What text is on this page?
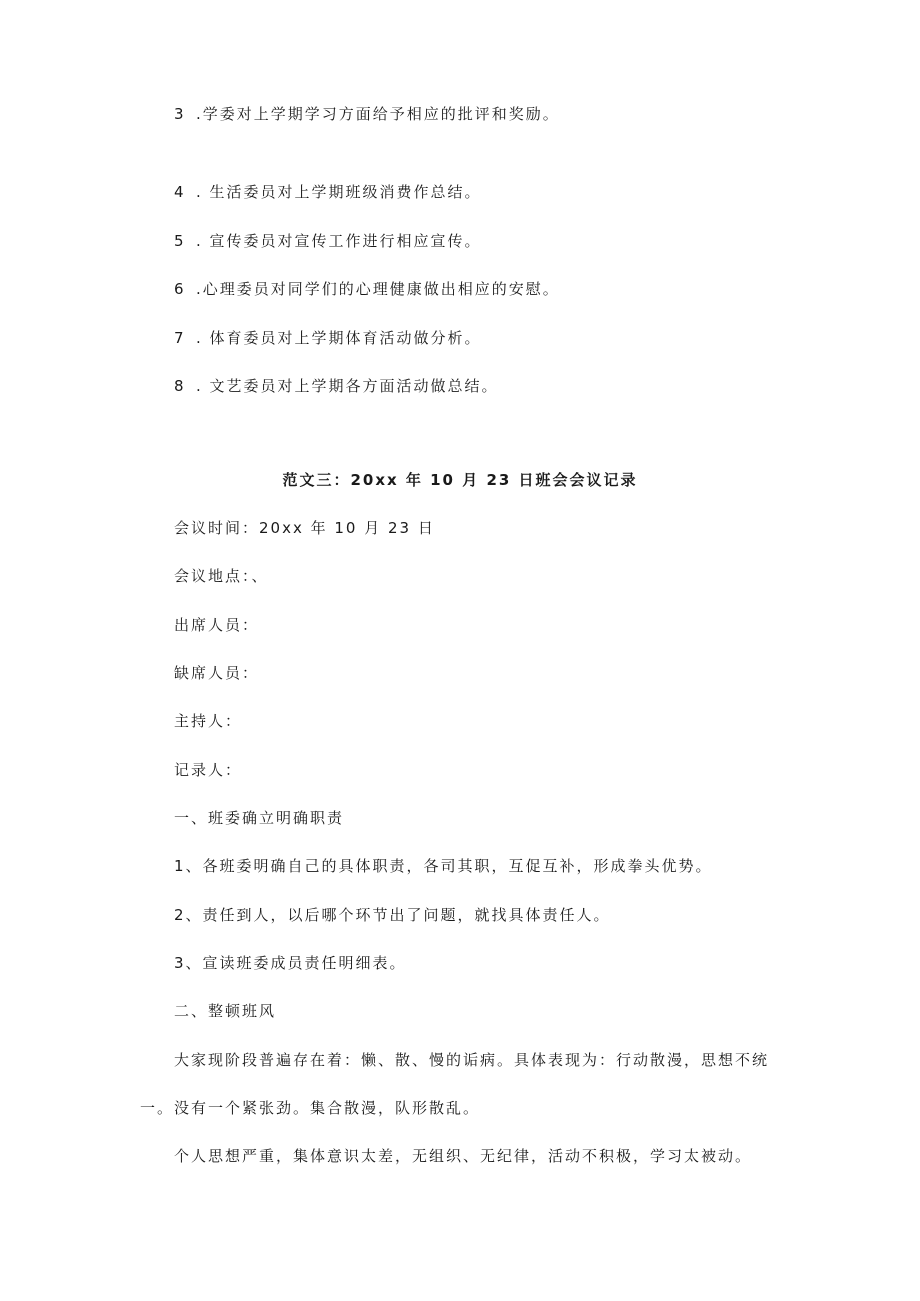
3 .学委对上学期学习方面给予相应的批评和奖励。
4 . 生活委员对上学期班级消费作总结。
5 . 宣传委员对宣传工作进行相应宣传。
6 .心理委员对同学们的心理健康做出相应的安慰。
7 . 体育委员对上学期体育活动做分析。
8 . 文艺委员对上学期各方面活动做总结。
范文三：20xx 年 10 月 23 日班会会议记录
会议时间：20xx 年 10 月 23 日
会议地点：、
出席人员：
缺席人员：
主持人：
记录人：
一、班委确立明确职责
1、各班委明确自己的具体职责，各司其职，互促互补，形成拳头优势。
2、责任到人，以后哪个环节出了问题，就找具体责任人。
3、宣读班委成员责任明细表。
二、整顿班风
大家现阶段普遍存在着：懒、散、慢的诟病。具体表现为：行动散漫，思想不统一。没有一个紧张劲。集合散漫，队形散乱。
个人思想严重，集体意识太差，无组织、无纪律，活动不积极，学习太被动。
